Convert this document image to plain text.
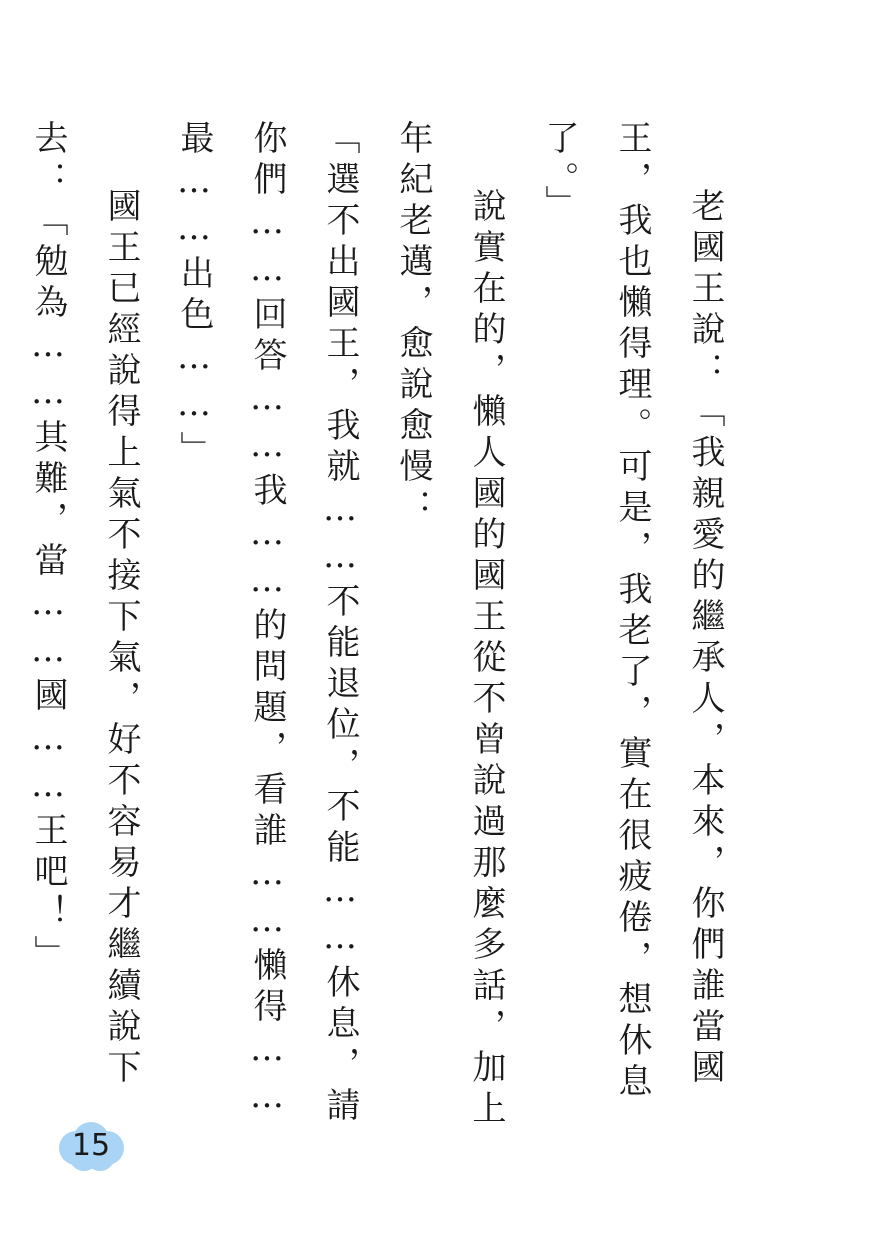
老國王說：「我親愛的繼承人，本來，你們誰當國王，我也懶得理。可是，我老了，實在很疲倦，想休息了。」
說實在的，懶人國的國王從不曾說過那麼多話，加上年紀老邁，愈說愈慢：
「選不出國王，我就……不能退位，不能……休息，請你們……回答……我……的問題，看誰……懶得……最……出色……」
國王已經說得上氣不接下氣，好不容易才繼續說下去：「勉為……其難，當……國……王吧！」
15
